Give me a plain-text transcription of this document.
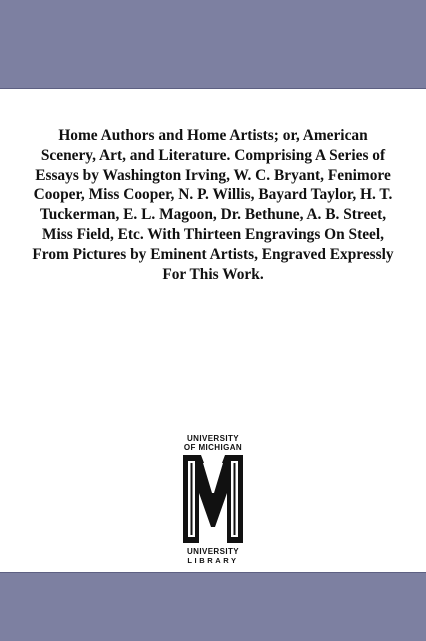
Home Authors and Home Artists; or, American Scenery, Art, and Literature. Comprising A Series of Essays by Washington Irving, W. C. Bryant, Fenimore Cooper, Miss Cooper, N. P. Willis, Bayard Taylor, H. T. Tuckerman, E. L. Magoon, Dr. Bethune, A. B. Street, Miss Field, Etc. With Thirteen Engravings On Steel, From Pictures by Eminent Artists, Engraved Expressly For This Work.

UNIVERSITY
OF MICHIGAN
UNIVERSITY
LIBRARY
